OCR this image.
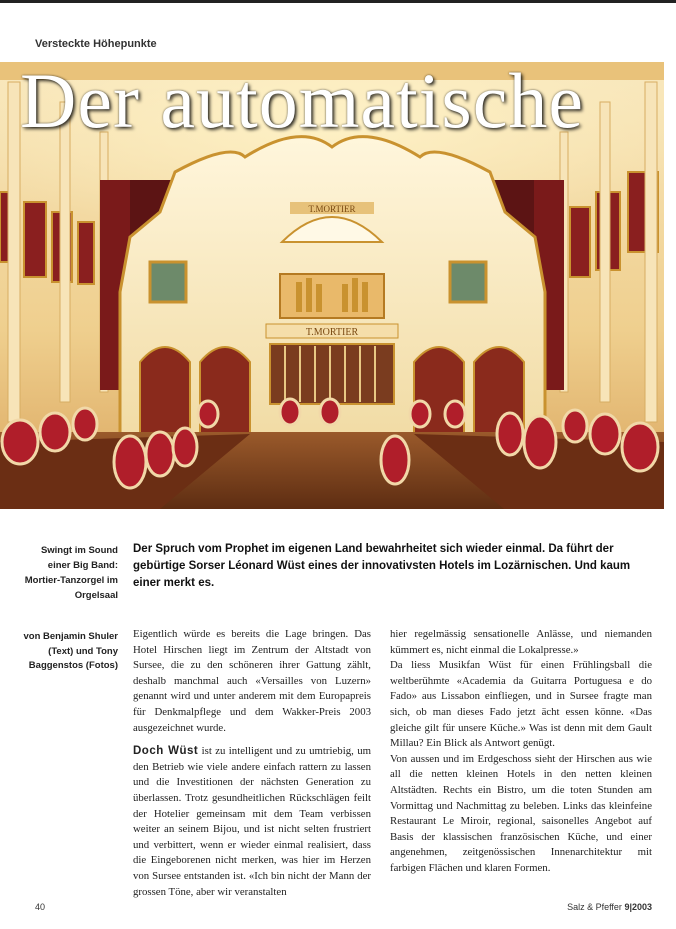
Versteckte Höhepunkte
T.MORTIER
T.MORTIER
Der automatische
Swingt im Sound einer Big Band: Mortier-Tanzorgel im Orgelsaal
Der Spruch vom Prophet im eigenen Land bewahrheitet sich wieder einmal. Da führt der gebürtige Sorser Léonard Wüst eines der innovativsten Hotels im Lozärnischen. Und kaum einer merkt es.
von Benjamin Shuler (Text) und Tony Baggenstos (Fotos)

Eigentlich würde es bereits die Lage bringen. Das Hotel Hirschen liegt im Zentrum der Altstadt von Sursee, die zu den schöneren ihrer Gattung zählt, deshalb manchmal auch «Versailles von Luzern» genannt wird und unter anderem mit dem Europapreis für Denkmalpflege und dem Wakker-Preis 2003 ausgezeichnet wurde.

Doch Wüst ist zu intelligent und zu umtriebig, um den Betrieb wie viele andere einfach rattern zu lassen und die Investitionen der nächsten Generation zu überlassen. Trotz gesundheitlichen Rückschlägen feilt der Hotelier gemeinsam mit dem Team verbissen weiter an seinem Bijou, und ist nicht selten frustriert und verbittert, wenn er wieder einmal realisiert, dass die Eingeborenen nicht merken, was hier im Herzen von Sursee entstanden ist. «Ich bin nicht der Mann der grossen Töne, aber wir veranstalten

hier regelmässig sensationelle Anlässe, und niemanden kümmert es, nicht einmal die Lokalpresse.»

Da liess Musikfan Wüst für einen Frühlingsball die weltberühmte «Academia da Guitarra Portuguesa e do Fado» aus Lissabon einfliegen, und in Sursee fragte man sich, ob man dieses Fado jetzt ächt essen könne. «Das gleiche gilt für unsere Küche.» Was ist denn mit dem Gault Millau? Ein Blick als Antwort genügt.

Von aussen und im Erdgeschoss sieht der Hirschen aus wie all die netten kleinen Hotels in den netten kleinen Altstädten. Rechts ein Bistro, um die toten Stunden am Vormittag und Nachmittag zu beleben. Links das kleinfeine Restaurant Le Miroir, regional, saisonelles Angebot auf Basis der klassischen französischen Küche, und einer angenehmen, zeitgenössischen Innenarchitektur mit farbigen Flächen und klaren Formen.

40	Salz & Pfeffer 9|2003
